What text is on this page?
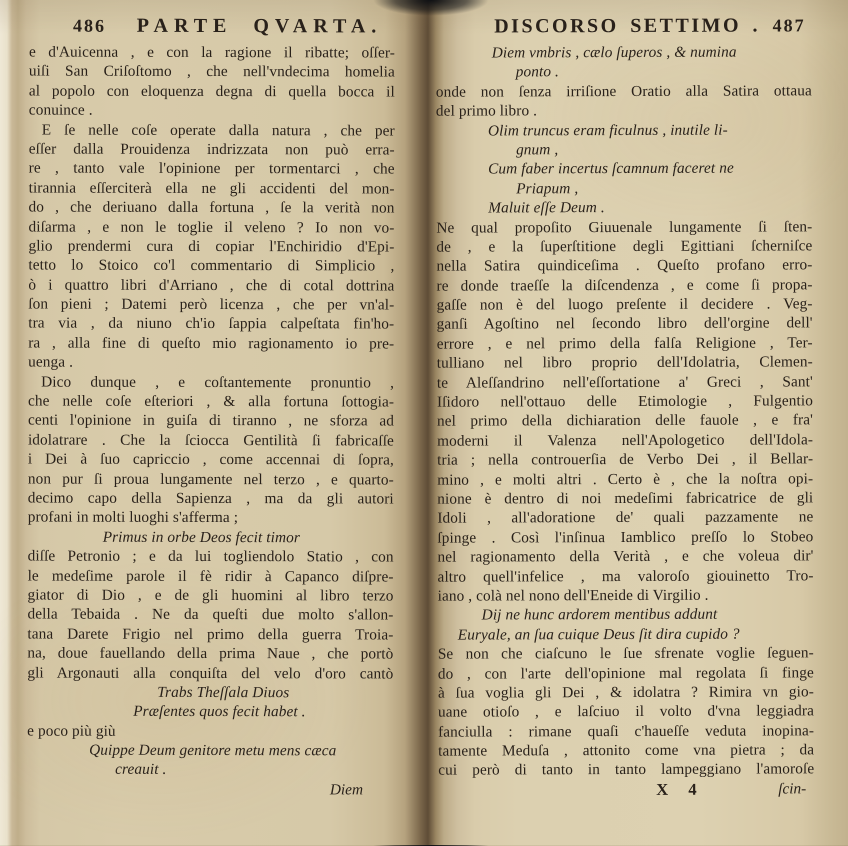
486	PARTE QVARTA.
e d'Auicenna , e con la ragione il ribatte; oſſer-
uiſi San Criſoſtomo , che nell'vndecima homelia
al popolo con eloquenza degna di quella bocca il
conuince .
E ſe nelle coſe operate dalla natura , che per
eſſer dalla Prouidenza indrizzata non può erra-
re , tanto vale l'opinione per tormentarci , che
tirannia eſſerciterà ella ne gli accidenti del mon-
do , che deriuano dalla fortuna , ſe la verità non
diſarma , e non le toglie il veleno ? Io non vo-
glio prendermi cura di copiar l'Enchiridio d'Epi-
tetto lo Stoico co'l commentario di Simplicio ,
ò i quattro libri d'Arriano , che di cotal dottrina
ſon pieni ; Datemi però licenza , che per vn'al-
tra via , da niuno ch'io ſappia calpeſtata fin'ho-
ra , alla fine di queſto mio ragionamento io pre-
uenga .
Dico dunque , e coſtantemente pronuntio ,
che nelle coſe eſteriori , & alla fortuna ſottogia-
centi l'opinione in guiſa di tiranno , ne sforza ad
idolatrare . Che la ſciocca Gentilità ſi fabricaſſe
i Dei à ſuo capriccio , come accennai di ſopra,
non pur ſi proua lungamente nel terzo , e quarto-
decimo capo della Sapienza , ma da gli autori
profani in molti luoghi s'afferma ;
Primus in orbe Deos fecit timor
diſſe Petronio ; e da lui togliendolo Statio , con
le medeſime parole il fè ridir à Capanco diſpre-
giator di Dio , e de gli huomini al libro terzo
della Tebaida . Ne da queſti due molto s'allon-
tana Darete Frigio nel primo della guerra Troia-
na, doue fauellando della prima Naue , che portò
gli Argonauti alla conquiſta del velo d'oro cantò
Trabs Theſſala Diuos
Præſentes quos fecit habet .
e poco più giù
Quippe Deum genitore metu mens cæca
creauit .
Diem
DISCORSO SETTIMO . 487
Diem vmbris , cælo ſuperos , & numina
ponto .
onde non ſenza irriſione Oratio alla Satira ottaua
del primo libro .
Olim truncus eram ficulnus , inutile li-
gnum ,
Cum faber incertus ſcamnum faceret ne
Priapum ,
Maluit eſſe Deum .
Ne qual propoſito Giuuenale lungamente ſi ſten-
de , e la ſuperſtitione degli Egittiani ſcherniſce
nella Satira quindiceſima . Queſto profano erro-
re donde traeſſe la diſcendenza , e come ſi propa-
gaſſe non è del luogo preſente il decidere . Veg-
ganſi Agoſtino nel ſecondo libro dell'orgine dell'
errore , e nel primo della falſa Religione , Ter-
tulliano nel libro proprio dell'Idolatria, Clemen-
te Aleſſandrino nell'eſſortatione a' Greci , Sant'
Iſidoro nell'ottauo delle Etimologie , Fulgentio
nel primo della dichiaration delle fauole , e fra'
moderni il Valenza nell'Apologetico dell'Idola-
tria ; nella controuerſia de Verbo Dei , il Bellar-
mino , e molti altri . Certo è , che la noſtra opi-
nione è dentro di noi medeſimi fabricatrice de gli
Idoli , all'adoratione de' quali pazzamente ne
ſpinge . Così l'inſinua Iamblico preſſo lo Stobeo
nel ragionamento della Verità , e che voleua dir'
altro quell'infelice , ma valoroſo giouinetto Tro-
iano , colà nel nono dell'Eneide di Virgilio .
Dij ne hunc ardorem mentibus addunt
Euryale, an ſua cuique Deus ſit dira cupido ?
Se non che ciaſcuno le ſue sfrenate voglie ſeguen-
do , con l'arte dell'opinione mal regolata ſi finge
à ſua voglia gli Dei , & idolatra ? Rimira vn gio-
uane otioſo , e laſciuo il volto d'vna leggiadra
fanciulla : rimane quaſi c'haueſſe veduta inopina-
tamente Meduſa , attonito come vna pietra ; da
cui però di tanto in tanto lampeggiano l'amoroſe
X 4	ſcin-
